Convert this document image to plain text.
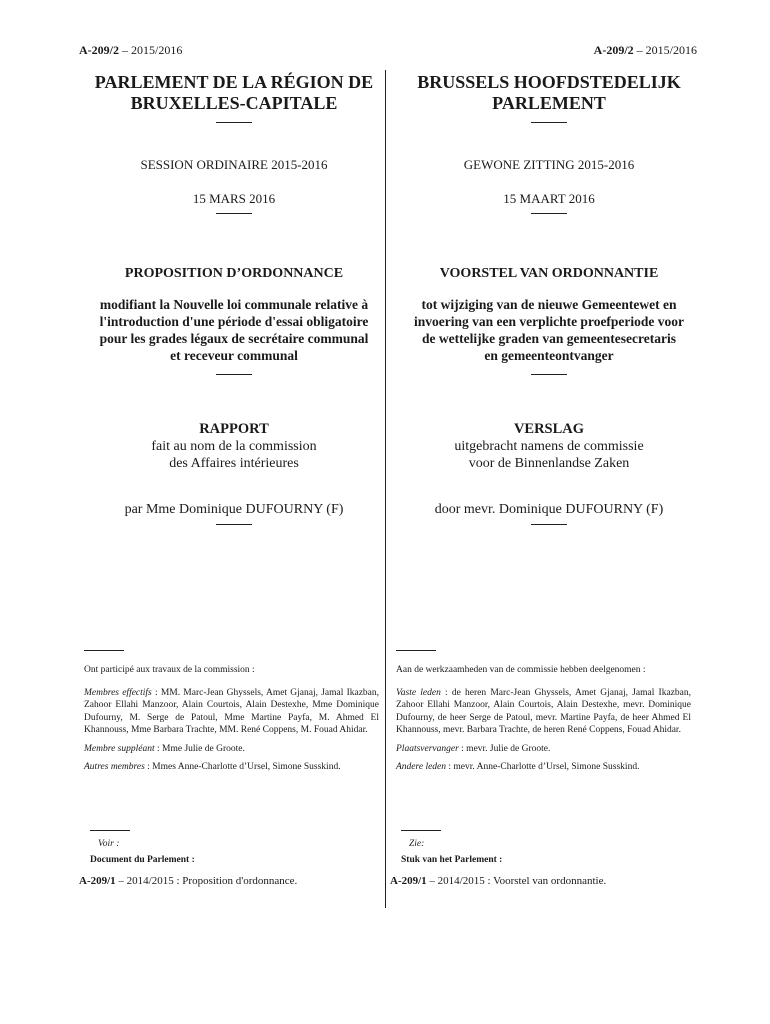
A-209/2 – 2015/2016	A-209/2 – 2015/2016
PARLEMENT DE LA RÉGION DE
BRUXELLES-CAPITALE
SESSION ORDINAIRE 2015-2016
15 MARS 2016
PROPOSITION D’ORDONNANCE
modifiant la Nouvelle loi communale relative à
l'introduction d'une période d'essai obligatoire
pour les grades légaux de secrétaire communal
et receveur communal
RAPPORT
fait au nom de la commission
des Affaires intérieures
par Mme Dominique DUFOURNY (F)
BRUSSELS HOOFDSTEDELIJK
PARLEMENT
GEWONE ZITTING 2015-2016
15 MAART 2016
VOORSTEL VAN ORDONNANTIE
tot wijziging van de nieuwe Gemeentewet en
invoering van een verplichte proefperiode voor
de wettelijke graden van gemeentesecretaris
en gemeenteontvanger
VERSLAG
uitgebracht namens de commissie
voor de Binnenlandse Zaken
door mevr. Dominique DUFOURNY (F)

Ont participé aux travaux de la commission :

Membres effectifs : MM. Marc-Jean Ghyssels, Amet Gjanaj, Jamal Ikazban, Zahoor Ellahi Manzoor, Alain Courtois, Alain Destexhe, Mme Dominique Dufourny, M. Serge de Patoul, Mme Martine Payfa, M. Ahmed El Khannouss, Mme Barbara Trachte, MM. René Coppens, M. Fouad Ahidar.

Membre suppléant : Mme Julie de Groote.

Autres membres : Mmes Anne-Charlotte d’Ursel, Simone Susskind.

Aan de werkzaamheden van de commissie hebben deelgenomen :

Vaste leden : de heren Marc-Jean Ghyssels, Amet Gjanaj, Jamal Ikazban, Zahoor Ellahi Manzoor, Alain Courtois, Alain Destexhe, mevr. Dominique Dufourny, de heer Serge de Patoul, mevr. Martine Payfa, de heer Ahmed El Khannouss, mevr. Barbara Trachte, de heren René Coppens, Fouad Ahidar.

Plaatsvervanger : mevr. Julie de Groote.

Andere leden : mevr. Anne-Charlotte d’Ursel, Simone Susskind.

Voir :
Document du Parlement :
A-209/1 – 2014/2015 : Proposition d'ordonnance.
Zie:
Stuk van het Parlement :
A-209/1 – 2014/2015 : Voorstel van ordonnantie.
